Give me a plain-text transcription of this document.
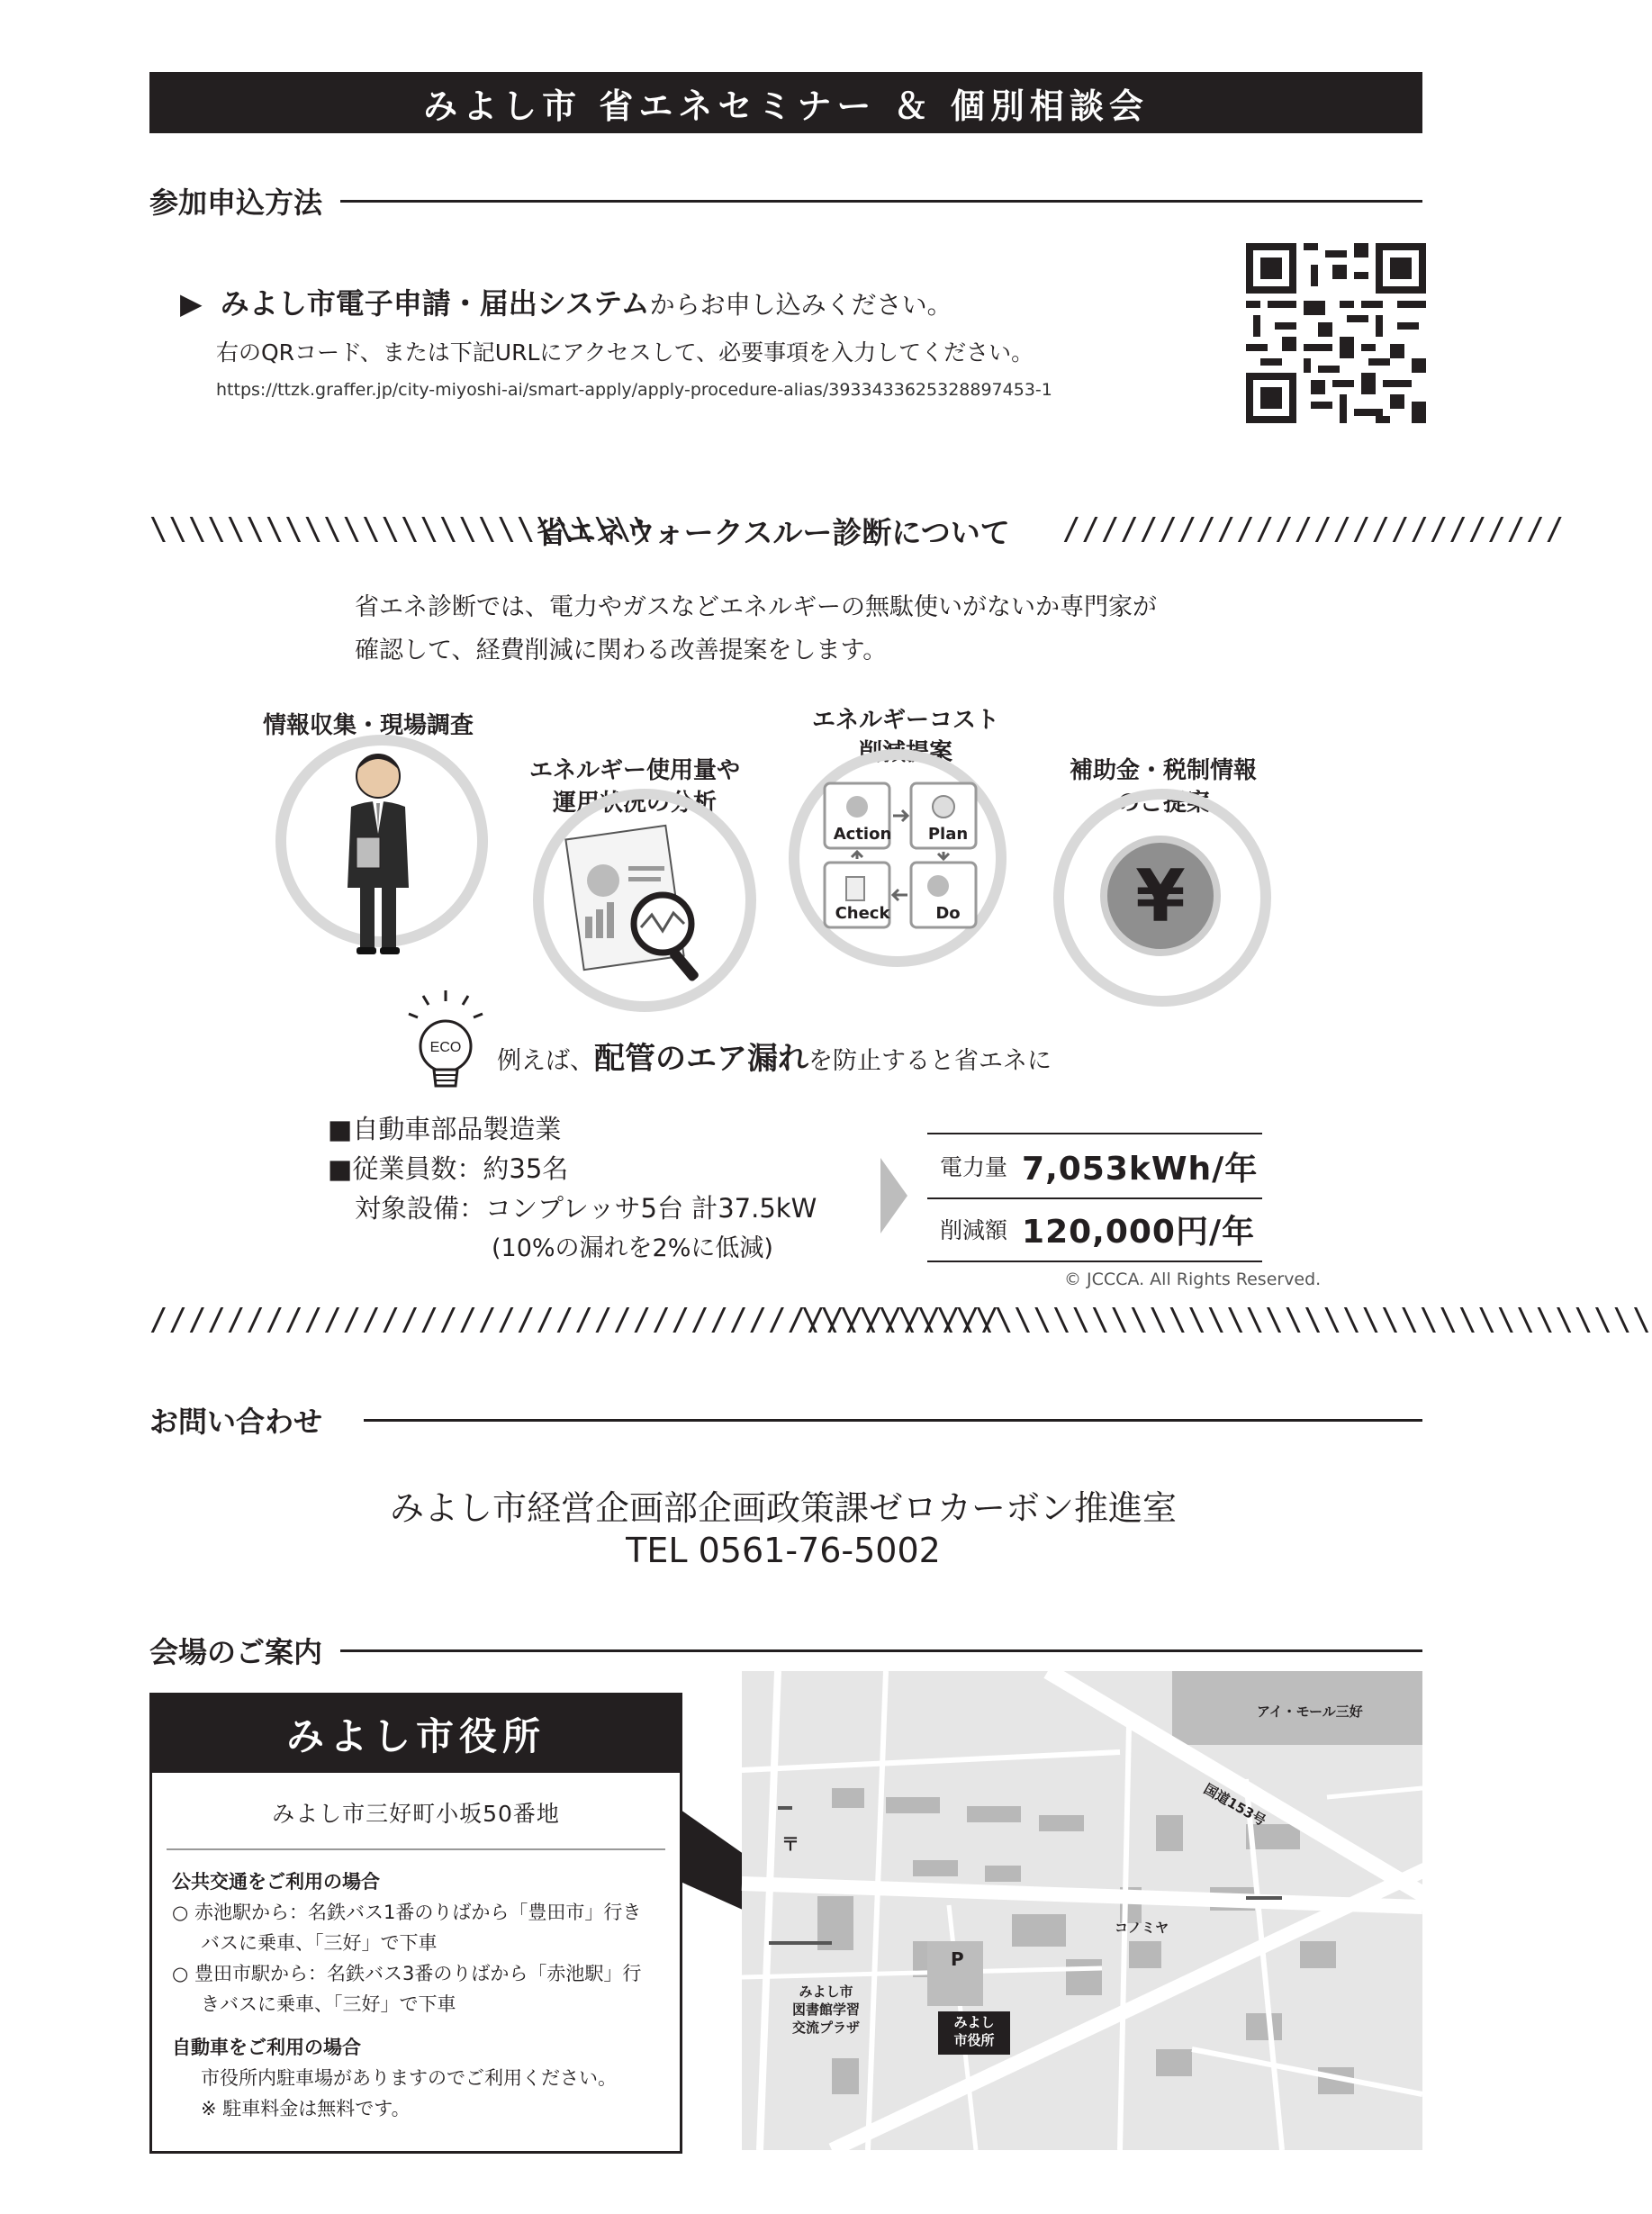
みよし市 省エネセミナー ＆ 個別相談会
参加申込方法
▶ みよし市電子申請・届出システムからお申し込みください。
右のQRコード、または下記URLにアクセスして、必要事項を入力してください。
https://ttzk.graffer.jp/city-miyoshi-ai/smart-apply/apply-procedure-alias/3933433625328897453-1
\\\\\\\\\\\\\\\\\\\\\\\\\\
省エネウォークスルー診断について //////////////////////////
省エネ診断では、電力やガスなどエネルギーの無駄使いがないか専門家が
確認して、経費削減に関わる改善提案をします。
情報収集・現場調査
エネルギー使用量や
運用状況の分析
エネルギーコスト
削減提案
Action	Plan
Check	Do
補助金・税制情報
のご提案
¥
ECO 例えば、配管のエア漏れを防止すると省エネに
■自動車部品製造業
■従業員数：約35名
対象設備：コンプレッサ5台 計37.5kW
(10%の漏れを2%に低減)
電力量 7,053kWh/年
削減額 120,000円/年
© JCCCA. All Rights Reserved.
////////////////////////////////////////////
\\\\\\\\\\\\\\\\\\\\\\\\\\\\\\\\\\\\\\\\\\\\
お問い合わせ
みよし市経営企画部企画政策課ゼロカーボン推進室
TEL 0561-76-5002
会場のご案内
みよし市役所
みよし市三好町小坂50番地
公共交通をご利用の場合
○ 赤池駅から：名鉄バス1番のりばから「豊田市」行き
バスに乗車、「三好」で下車
○ 豊田市駅から：名鉄バス3番のりばから「赤池駅」行
きバスに乗車、「三好」で下車
自動車をご利用の場合
市役所内駐車場がありますのでご利用ください。
※ 駐車料金は無料です。
アイ・モール三好
国道153号
〒
コノミヤ
P
みよし市
図書館学習
交流プラザ	みよし
市役所
